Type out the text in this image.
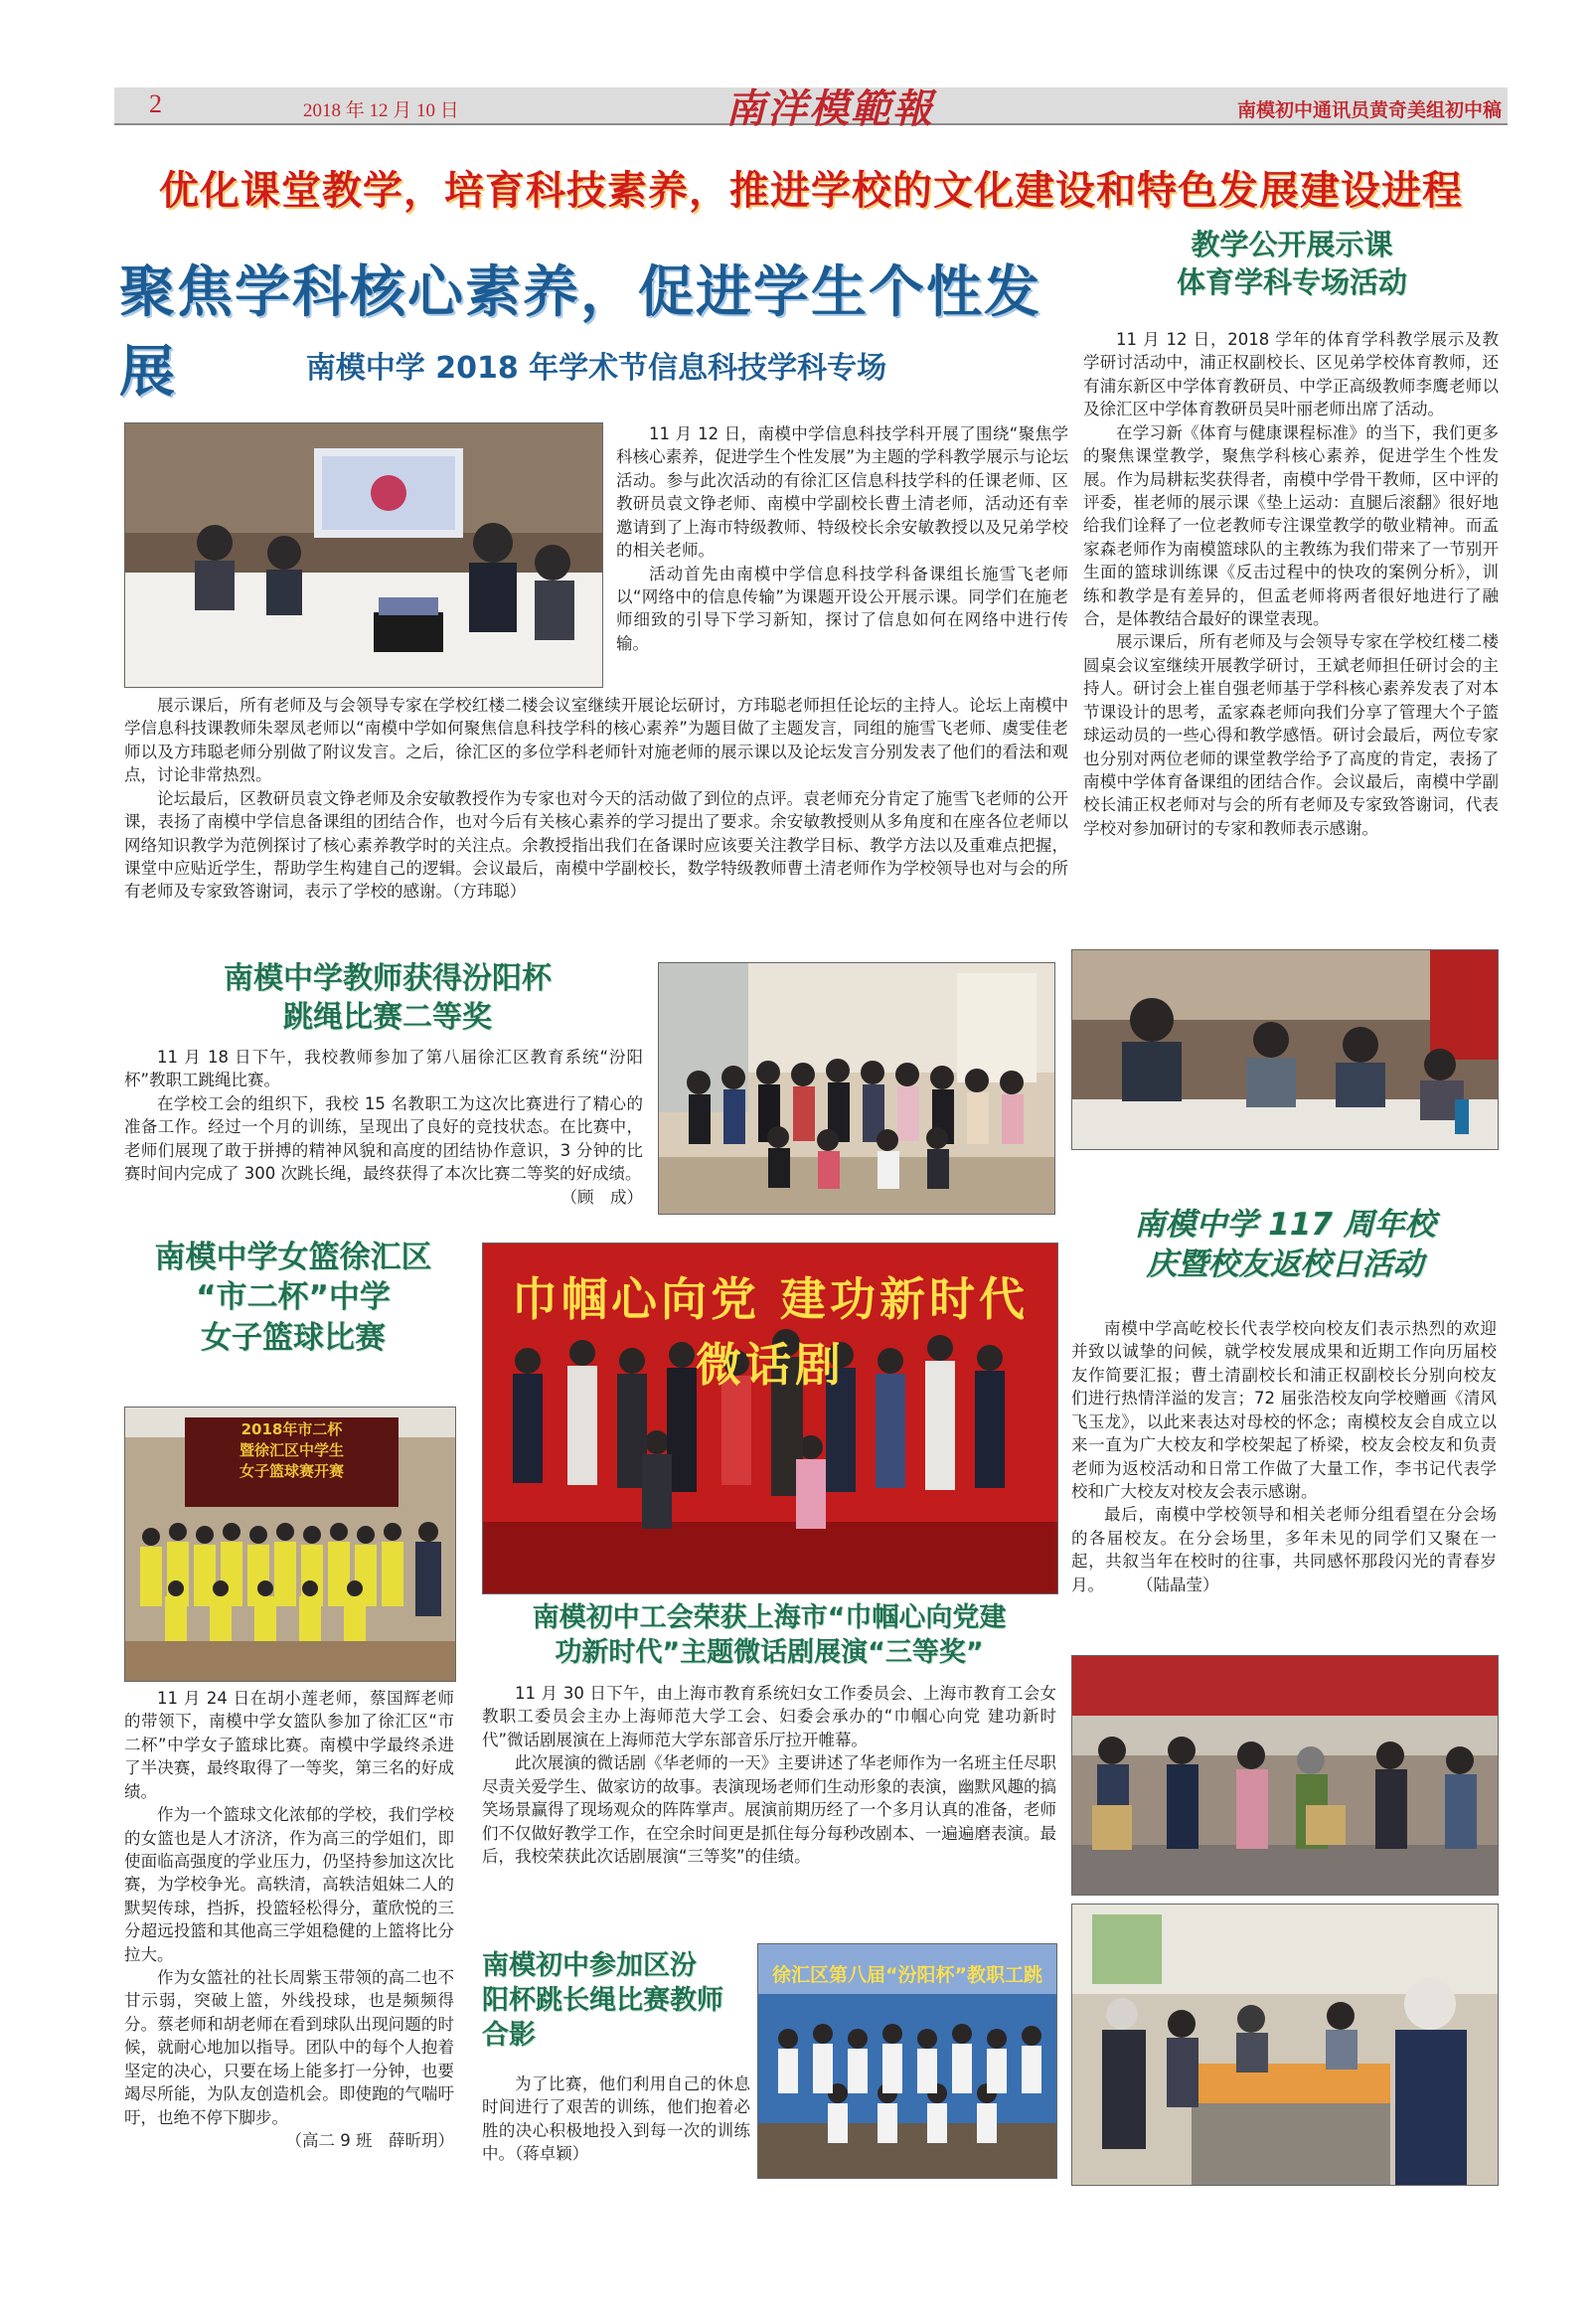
2	2018 年 12 月 10 日	南洋模範報	南模初中通讯员黄奇美组初中稿
优化课堂教学，培育科技素养，推进学校的文化建设和特色发展建设进程
聚焦学科核心素养，促进学生个性发展	南模中学 2018 年学术节信息科技学科专场

11 月 12 日，南模中学信息科技学科开展了围绕“聚焦学科核心素养，促进学生个性发展”为主题的学科教学展示与论坛活动。参与此次活动的有徐汇区信息科技学科的任课老师、区教研员袁文铮老师、南模中学副校长曹土清老师，活动还有幸邀请到了上海市特级教师、特级校长余安敏教授以及兄弟学校的相关老师。

活动首先由南模中学信息科技学科备课组长施雪飞老师以“网络中的信息传输”为课题开设公开展示课。同学们在施老师细致的引导下学习新知，探讨了信息如何在网络中进行传输。

展示课后，所有老师及与会领导专家在学校红楼二楼会议室继续开展论坛研讨，方玮聪老师担任论坛的主持人。论坛上南模中学信息科技课教师朱翠凤老师以“南模中学如何聚焦信息科技学科的核心素养”为题目做了主题发言，同组的施雪飞老师、虞雯佳老师以及方玮聪老师分别做了附议发言。之后，徐汇区的多位学科老师针对施老师的展示课以及论坛发言分别发表了他们的看法和观点，讨论非常热烈。

论坛最后，区教研员袁文铮老师及余安敏教授作为专家也对今天的活动做了到位的点评。袁老师充分肯定了施雪飞老师的公开课，表扬了南模中学信息备课组的团结合作，也对今后有关核心素养的学习提出了要求。余安敏教授则从多角度和在座各位老师以网络知识教学为范例探讨了核心素养教学时的关注点。余教授指出我们在备课时应该要关注教学目标、教学方法以及重难点把握，课堂中应贴近学生，帮助学生构建自己的逻辑。会议最后，南模中学副校长，数学特级教师曹土清老师作为学校领导也对与会的所有老师及专家致答谢词，表示了学校的感谢。（方玮聪）

教学公开展示课
体育学科专场活动

11 月 12 日，2018 学年的体育学科教学展示及教学研讨活动中，浦正权副校长、区见弟学校体育教师，还有浦东新区中学体育教研员、中学正高级教师李鹰老师以及徐汇区中学体育教研员吴叶丽老师出席了活动。

在学习新《体育与健康课程标准》的当下，我们更多的聚焦课堂教学，聚焦学科核心素养，促进学生个性发展。作为局耕耘奖获得者，南模中学骨干教师，区中评的评委，崔老师的展示课《垫上运动：直腿后滚翻》很好地给我们诠释了一位老教师专注课堂教学的敬业精神。而孟家森老师作为南模篮球队的主教练为我们带来了一节别开生面的篮球训练课《反击过程中的快攻的案例分析》，训练和教学是有差异的，但孟老师将两者很好地进行了融合，是体教结合最好的课堂表现。

展示课后，所有老师及与会领导专家在学校红楼二楼圆桌会议室继续开展教学研讨，王斌老师担任研讨会的主持人。研讨会上崔自强老师基于学科核心素养发表了对本节课设计的思考，孟家森老师向我们分享了管理大个子篮球运动员的一些心得和教学感悟。研讨会最后，两位专家也分别对两位老师的课堂教学给予了高度的肯定，表扬了南模中学体育备课组的团结合作。会议最后，南模中学副校长浦正权老师对与会的所有老师及专家致答谢词，代表学校对参加研讨的专家和教师表示感谢。

南模中学教师获得汾阳杯
跳绳比赛二等奖

11 月 18 日下午，我校教师参加了第八届徐汇区教育系统“汾阳杯”教职工跳绳比赛。

在学校工会的组织下，我校 15 名教职工为这次比赛进行了精心的准备工作。经过一个月的训练，呈现出了良好的竞技状态。在比赛中，老师们展现了敢于拼搏的精神风貌和高度的团结协作意识，3 分钟的比赛时间内完成了 300 次跳长绳，最终获得了本次比赛二等奖的好成绩。

（顾　成）
南模中学 117 周年校
庆暨校友返校日活动

南模中学高屹校长代表学校向校友们表示热烈的欢迎并致以诚挚的问候，就学校发展成果和近期工作向历届校友作简要汇报；曹土清副校长和浦正权副校长分别向校友们进行热情洋溢的发言；72 届张浩校友向学校赠画《清风飞玉龙》，以此来表达对母校的怀念；南模校友会自成立以来一直为广大校友和学校架起了桥梁，校友会校友和负责老师为返校活动和日常工作做了大量工作，李书记代表学校和广大校友对校友会表示感谢。

最后，南模中学校领导和相关老师分组看望在分会场的各届校友。在分会场里，多年未见的同学们又聚在一起，共叙当年在校时的往事，共同感怀那段闪光的青春岁月。　　　（陆晶莹）

南模中学女篮徐汇区
“市二杯”中学
女子篮球比赛
2018年市二杯
暨徐汇区中学生
女子篮球赛开赛

11 月 24 日在胡小莲老师，蔡国辉老师的带领下，南模中学女篮队参加了徐汇区“市二杯”中学女子篮球比赛。南模中学最终杀进了半决赛，最终取得了一等奖，第三名的好成绩。

作为一个篮球文化浓郁的学校，我们学校的女篮也是人才济济，作为高三的学姐们，即使面临高强度的学业压力，仍坚持参加这次比赛，为学校争光。高轶清，高轶洁姐妹二人的默契传球，挡拆，投篮轻松得分，董欣悦的三分超远投篮和其他高三学姐稳健的上篮将比分拉大。

作为女篮社的社长周紫玉带领的高二也不甘示弱，突破上篮，外线投球，也是频频得分。蔡老师和胡老师在看到球队出现问题的时候，就耐心地加以指导。团队中的每个人抱着坚定的决心，只要在场上能多打一分钟，也要竭尽所能，为队友创造机会。即使跑的气喘吁吁，也绝不停下脚步。

（高二 9 班　薛昕玥）
巾帼心向党 建功新时代 微话剧
南模初中工会荣获上海市“巾帼心向党建
功新时代”主题微话剧展演“三等奖”

11 月 30 日下午，由上海市教育系统妇女工作委员会、上海市教育工会女教职工委员会主办上海师范大学工会、妇委会承办的“巾帼心向党 建功新时代”微话剧展演在上海师范大学东部音乐厅拉开帷幕。

此次展演的微话剧《华老师的一天》主要讲述了华老师作为一名班主任尽职尽责关爱学生、做家访的故事。表演现场老师们生动形象的表演，幽默风趣的搞笑场景赢得了现场观众的阵阵掌声。展演前期历经了一个多月认真的准备，老师们不仅做好教学工作，在空余时间更是抓住每分每秒改剧本、一遍遍磨表演。最后，我校荣获此次话剧展演“三等奖”的佳绩。

南模初中参加区汾
阳杯跳长绳比赛教师
合影

为了比赛，他们利用自己的休息时间进行了艰苦的训练，他们抱着必胜的决心积极地投入到每一次的训练中。（蒋卓颖）

徐汇区第八届“汾阳杯”教职工跳
